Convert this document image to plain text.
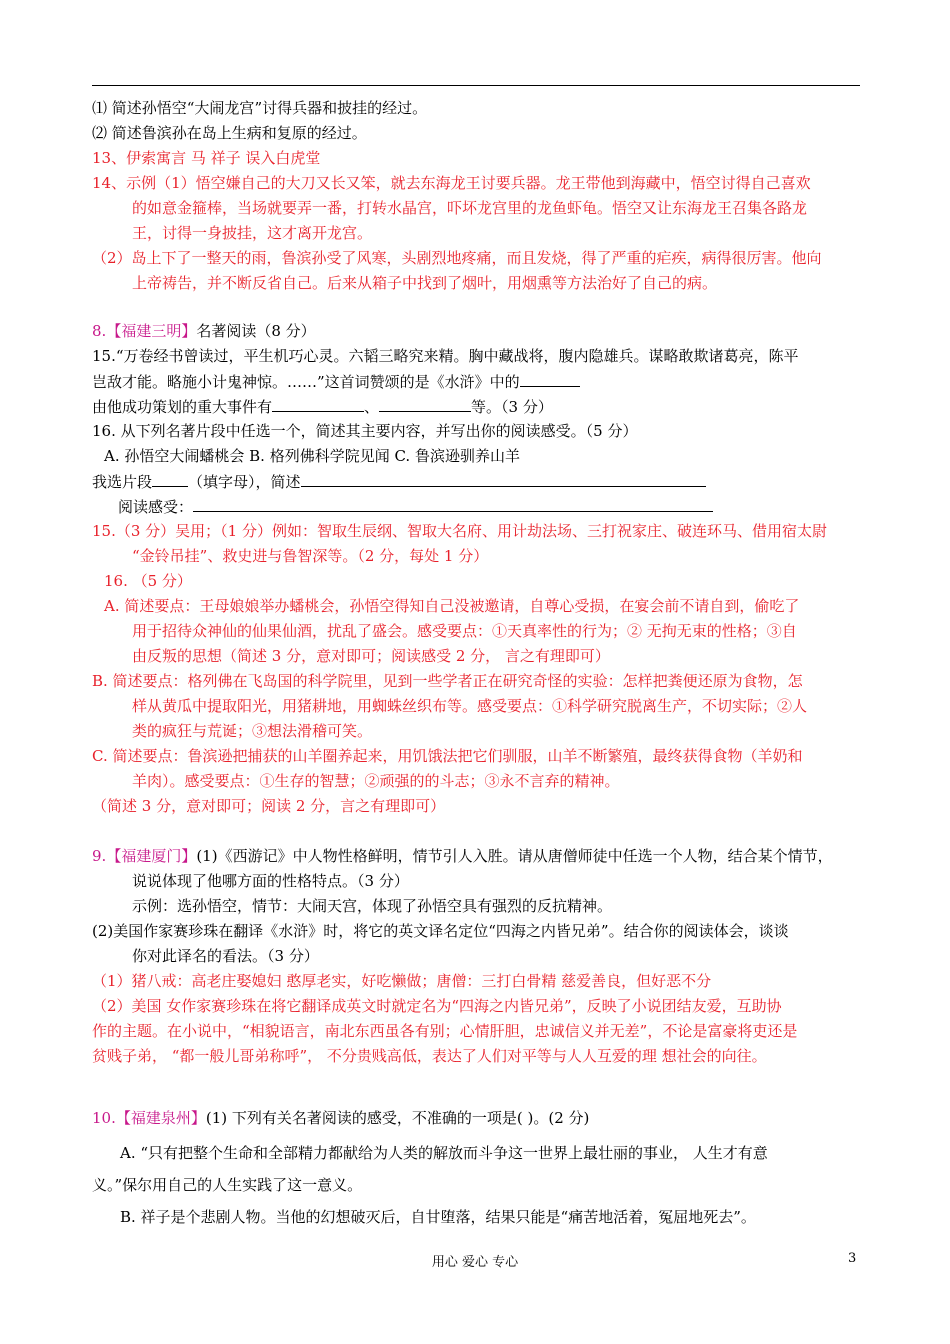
⑴ 简述孙悟空“大闹龙宫”讨得兵器和披挂的经过。
⑵ 简述鲁滨孙在岛上生病和复原的经过。
13、伊索寓言 马 祥子 误入白虎堂
14、示例（1）悟空嫌自己的大刀又长又笨，就去东海龙王讨要兵器。龙王带他到海藏中，悟空讨得自己喜欢
的如意金箍棒，当场就要弄一番，打转水晶宫，吓坏龙宫里的龙鱼虾龟。悟空又让东海龙王召集各路龙
王，讨得一身披挂，这才离开龙宫。
（2）岛上下了一整天的雨，鲁滨孙受了风寒，头剧烈地疼痛，而且发烧，得了严重的疟疾，病得很厉害。他向
上帝祷告，并不断反省自己。后来从箱子中找到了烟叶，用烟熏等方法治好了自己的病。
8.【福建三明】名著阅读（8 分）
15.“万卷经书曾读过，平生机巧心灵。六韬三略究来精。胸中藏战将，腹内隐雄兵。谋略敢欺诸葛亮，陈平
岂敌才能。略施小计鬼神惊。……”这首词赞颂的是《水浒》中的
由他成功策划的重大事件有	、	等。（3 分）
16. 从下列名著片段中任选一个，简述其主要内容，并写出你的阅读感受。（5 分）
A. 孙悟空大闹蟠桃会 B. 格列佛科学院见闻 C. 鲁滨逊驯养山羊
我选片段 （填字母），简述
阅读感受：
15.（3 分）吴用；（1 分）例如：智取生辰纲、智取大名府、用计劫法场、三打祝家庄、破连环马、借用宿太尉
“金铃吊挂”、救史进与鲁智深等。（2 分，每处 1 分）
16. （5 分）
A. 简述要点：王母娘娘举办蟠桃会，孙悟空得知自己没被邀请，自尊心受损，在宴会前不请自到，偷吃了
用于招待众神仙的仙果仙酒，扰乱了盛会。感受要点：①天真率性的行为；② 无拘无束的性格；③自
由反叛的思想（简述 3 分，意对即可；阅读感受 2 分， 言之有理即可）
B. 简述要点：格列佛在飞岛国的科学院里，见到一些学者正在研究奇怪的实验：怎样把粪便还原为食物，怎
样从黄瓜中提取阳光，用猪耕地，用蜘蛛丝织布等。感受要点：①科学研究脱离生产，不切实际；②人
类的疯狂与荒诞；③想法滑稽可笑。
C. 简述要点：鲁滨逊把捕获的山羊圈养起来，用饥饿法把它们驯服，山羊不断繁殖，最终获得食物（羊奶和
羊肉）。感受要点：①生存的智慧；②顽强的的斗志；③永不言弃的精神。
（简述 3 分，意对即可；阅读 2 分，言之有理即可）
9.【福建厦门】(1)《西游记》中人物性格鲜明，情节引人入胜。请从唐僧师徒中任选一个人物，结合某个情节，
说说体现了他哪方面的性格特点。（3 分）
示例：选孙悟空，情节：大闹天宫，体现了孙悟空具有强烈的反抗精神。
(2)美国作家赛珍珠在翻译《水浒》时，将它的英文译名定位“四海之内皆兄弟”。结合你的阅读体会，谈谈
你对此译名的看法。（3 分）
（1）猪八戒：高老庄娶媳妇 憨厚老实，好吃懒做；唐僧：三打白骨精 慈爱善良，但好恶不分
（2）美国 女作家赛珍珠在将它翻译成英文时就定名为“四海之内皆兄弟”，反映了小说团结友爱，互助协
作的主题。在小说中，“相貌语言，南北东西虽各有别；心情肝胆，忠诚信义并无差”，不论是富豪将吏还是
贫贱子弟， “都一般儿哥弟称呼”， 不分贵贱高低，表达了人们对平等与人人互爱的理 想社会的向往。
10.【福建泉州】(1) 下列有关名著阅读的感受，不准确的一项是( )。(2 分)
A. “只有把整个生命和全部精力都献给为人类的解放而斗争这一世界上最壮丽的事业， 人生才有意
义。”保尔用自己的人生实践了这一意义。
B. 祥子是个悲剧人物。当他的幻想破灭后，自甘堕落，结果只能是“痛苦地活着，冤屈地死去”。
用心 爱心 专心	3
